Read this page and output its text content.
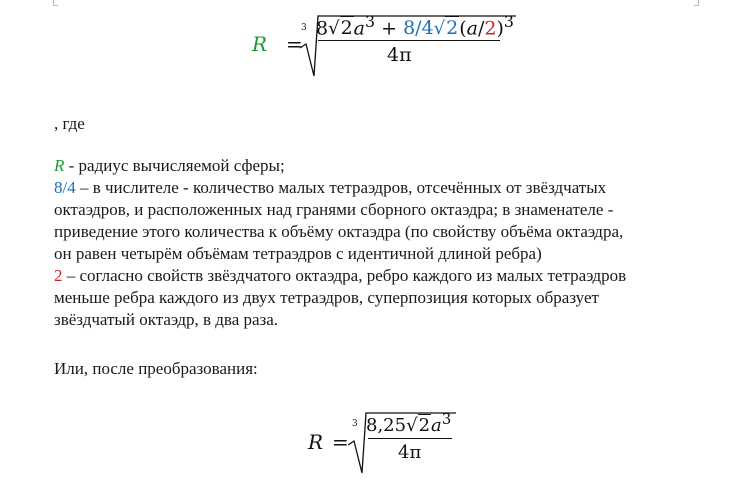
R =
3 $8√2a^3 + 8/4√2(a/2)^3$
4π
, где
R - радиус вычисляемой сферы;
8/4 – в числителе - количество малых тетраэдров, отсечённых от звёздчатых
октаэдров, и расположенных над гранями сборного октаэдра; в знаменателе -
приведение этого количества к объёму октаэдра (по свойству объёма октаэдра,
он равен четырём объёмам тетраэдров с идентичной длиной ребра)
2 – согласно свойств звёздчатого октаэдра, ребро каждого из малых тетраэдров
меньше ребра каждого из двух тетраэдров, суперпозиция которых образует
звёздчатый октаэдр, в два раза.
Или, после преобразования:
R =
3 $8,25√2a^3$
4π
